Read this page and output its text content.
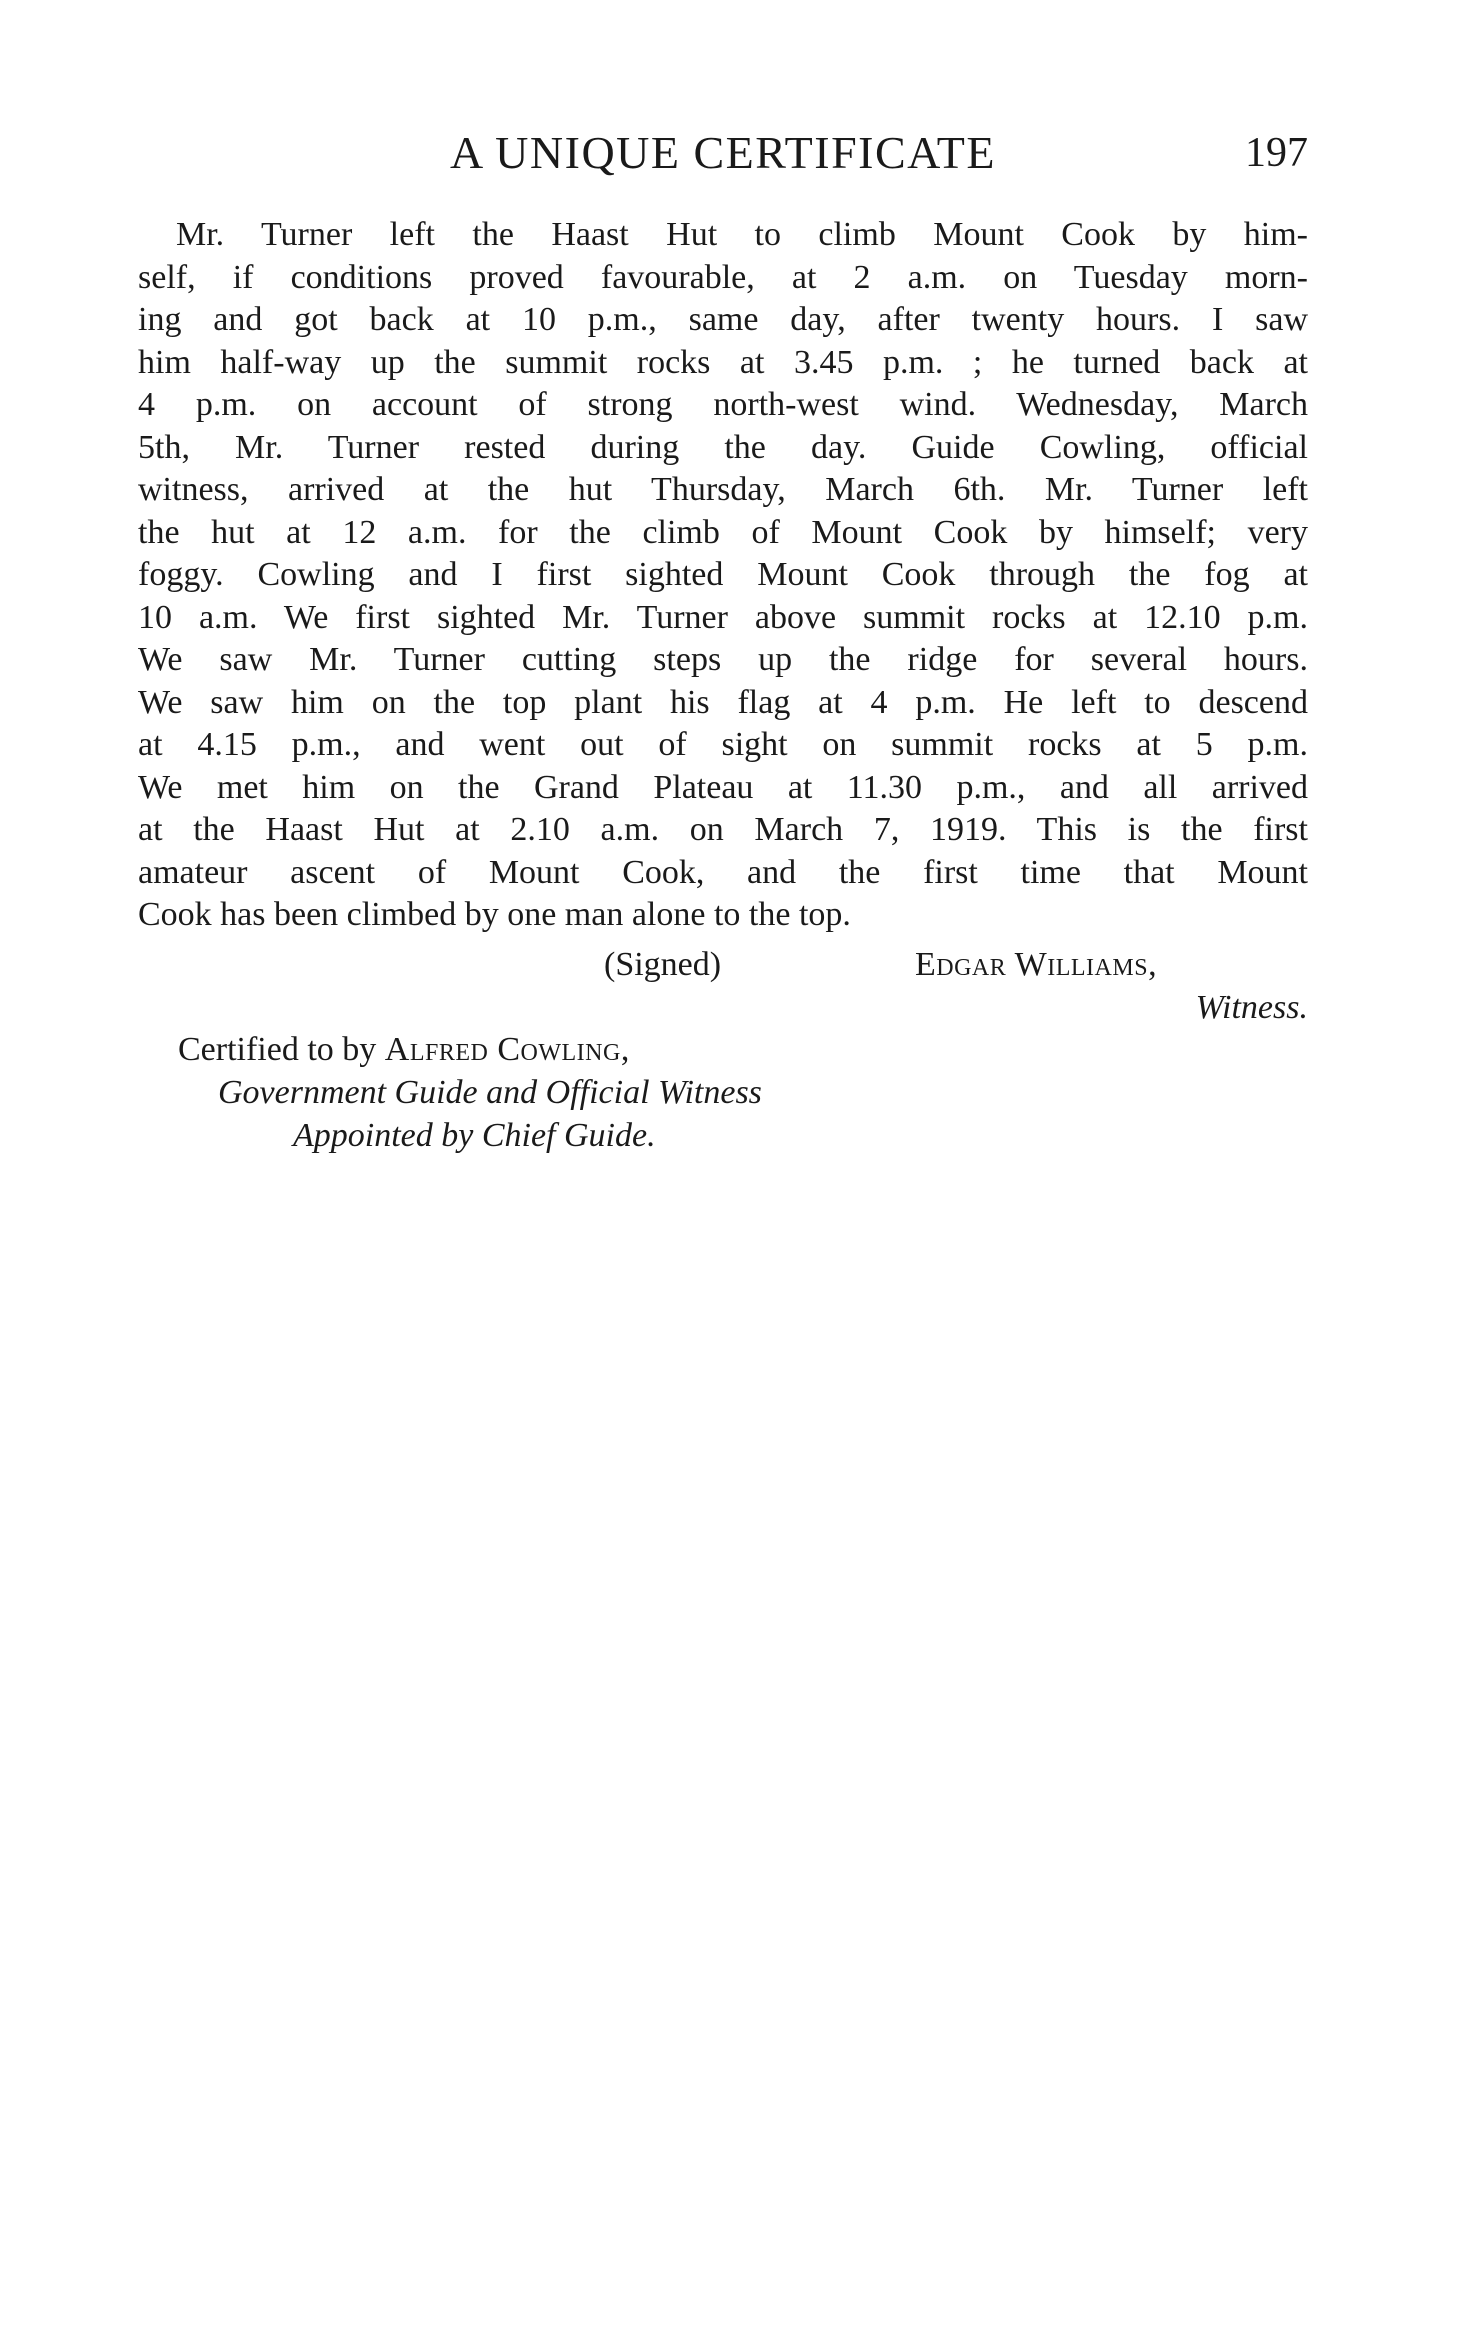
A UNIQUE CERTIFICATE	197
Mr. Turner left the Haast Hut to climb Mount Cook by him-
self, if conditions proved favourable, at 2 a.m. on Tuesday morn-
ing and got back at 10 p.m., same day, after twenty hours. I saw
him half-way up the summit rocks at 3.45 p.m. ; he turned back at
4 p.m. on account of strong north-west wind. Wednesday, March
5th, Mr. Turner rested during the day. Guide Cowling, official
witness, arrived at the hut Thursday, March 6th. Mr. Turner left
the hut at 12 a.m. for the climb of Mount Cook by himself; very
foggy. Cowling and I first sighted Mount Cook through the fog at
10 a.m. We first sighted Mr. Turner above summit rocks at 12.10 p.m.
We saw Mr. Turner cutting steps up the ridge for several hours.
We saw him on the top plant his flag at 4 p.m. He left to descend
at 4.15 p.m., and went out of sight on summit rocks at 5 p.m.
We met him on the Grand Plateau at 11.30 p.m., and all arrived
at the Haast Hut at 2.10 a.m. on March 7, 1919. This is the first
amateur ascent of Mount Cook, and the first time that Mount
Cook has been climbed by one man alone to the top.
(Signed)	Edgar Williams,
Witness.
Certified to by Alfred Cowling,
Government Guide and Official Witness
Appointed by Chief Guide.
